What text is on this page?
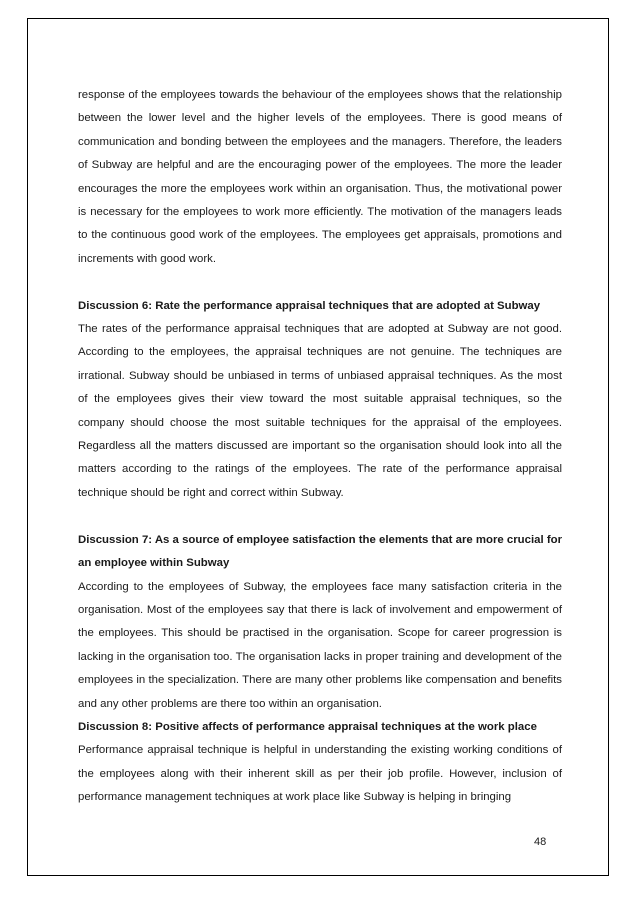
response of the employees towards the behaviour of the employees shows that the relationship between the lower level and the higher levels of the employees. There is good means of communication and bonding between the employees and the managers. Therefore, the leaders of Subway are helpful and are the encouraging power of the employees. The more the leader encourages the more the employees work within an organisation. Thus, the motivational power is necessary for the employees to work more efficiently. The motivation of the managers leads to the continuous good work of the employees. The employees get appraisals, promotions and increments with good work.

Discussion 6: Rate the performance appraisal techniques that are adopted at Subway

The rates of the performance appraisal techniques that are adopted at Subway are not good. According to the employees, the appraisal techniques are not genuine. The techniques are irrational. Subway should be unbiased in terms of unbiased appraisal techniques. As the most of the employees gives their view toward the most suitable appraisal techniques, so the company should choose the most suitable techniques for the appraisal of the employees. Regardless all the matters discussed are important so the organisation should look into all the matters according to the ratings of the employees. The rate of the performance appraisal technique should be right and correct within Subway.

Discussion 7: As a source of employee satisfaction the elements that are more crucial for an employee within Subway

According to the employees of Subway, the employees face many satisfaction criteria in the organisation. Most of the employees say that there is lack of involvement and empowerment of the employees. This should be practised in the organisation. Scope for career progression is lacking in the organisation too. The organisation lacks in proper training and development of the employees in the specialization. There are many other problems like compensation and benefits and any other problems are there too within an organisation.

Discussion 8: Positive affects of performance appraisal techniques at the work place

Performance appraisal technique is helpful in understanding the existing working conditions of the employees along with their inherent skill as per their job profile. However, inclusion of performance management techniques at work place like Subway is helping in bringing

48
